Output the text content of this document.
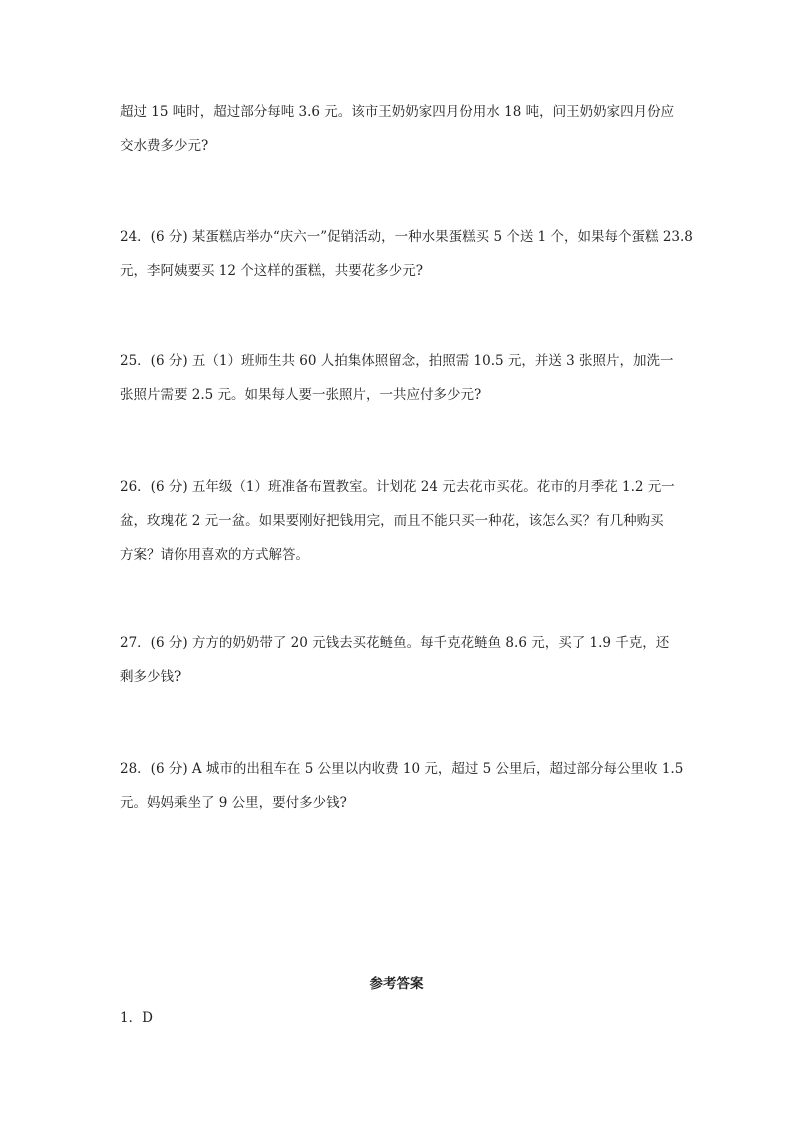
超过 15 吨时，超过部分每吨 3.6 元。该市王奶奶家四月份用水 18 吨，问王奶奶家四月份应
交水费多少元?
24．(6 分) 某蛋糕店举办“庆六一”促销活动，一种水果蛋糕买 5 个送 1 个，如果每个蛋糕 23.8
元，李阿姨要买 12 个这样的蛋糕，共要花多少元?
25．(6 分) 五（1）班师生共 60 人拍集体照留念，拍照需 10.5 元，并送 3 张照片，加洗一
张照片需要 2.5 元。如果每人要一张照片，一共应付多少元?
26．(6 分) 五年级（1）班准备布置教室。计划花 24 元去花市买花。花市的月季花 1.2 元一
盆，玫瑰花 2 元一盆。如果要刚好把钱用完，而且不能只买一种花，该怎么买？有几种购买
方案？请你用喜欢的方式解答。
27．(6 分) 方方的奶奶带了 20 元钱去买花鲢鱼。每千克花鲢鱼 8.6 元，买了 1.9 千克，还
剩多少钱?
28．(6 分) A 城市的出租车在 5 公里以内收费 10 元，超过 5 公里后，超过部分每公里收 1.5
元。妈妈乘坐了 9 公里，要付多少钱?

参考答案

1．D
